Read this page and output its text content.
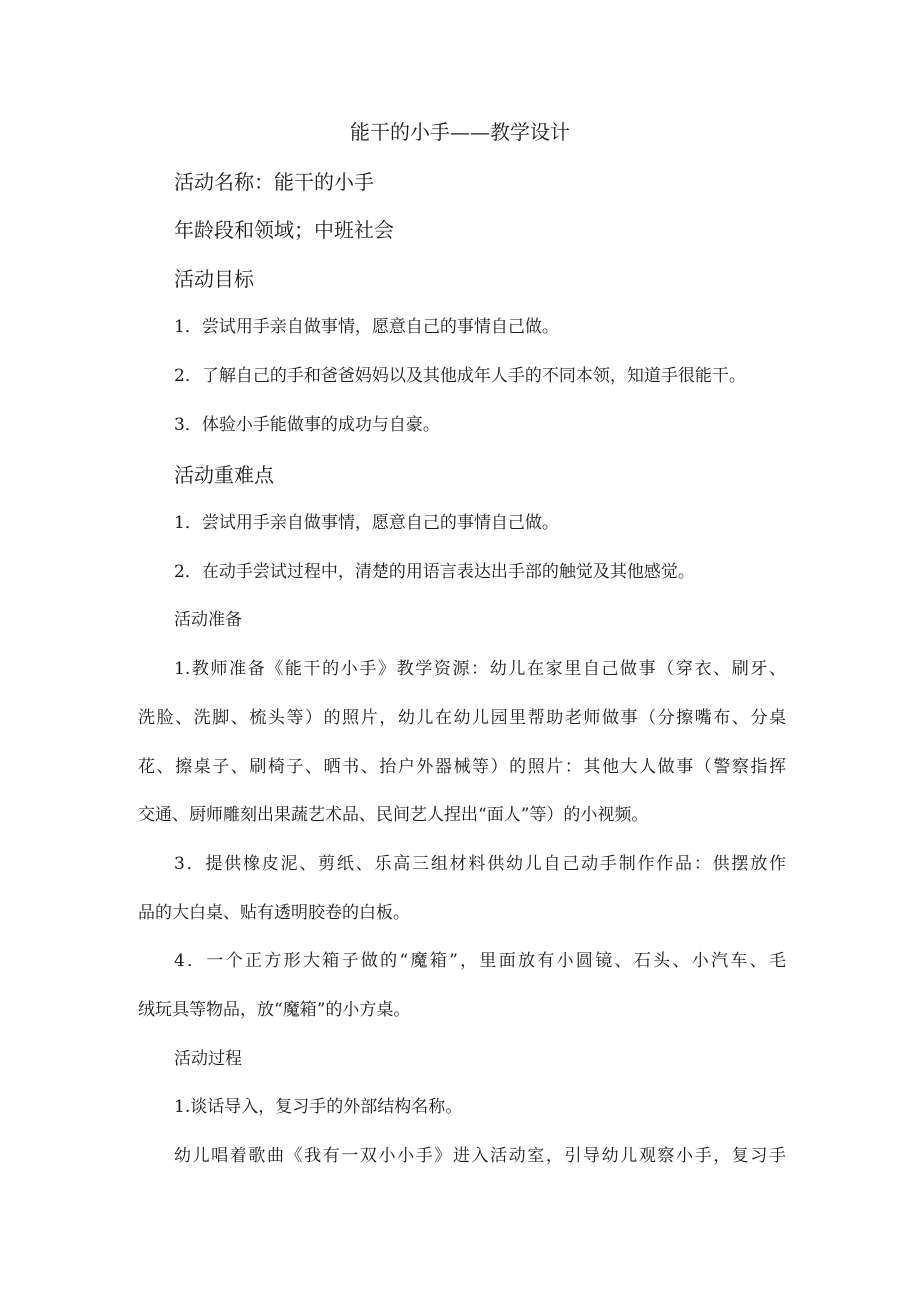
能干的小手——教学设计
活动名称：能干的小手
年龄段和领域；中班社会
活动目标
1．尝试用手亲自做事情，愿意自己的事情自己做。
2．了解自己的手和爸爸妈妈以及其他成年人手的不同本领，知道手很能干。
3．体验小手能做事的成功与自豪。
活动重难点
1．尝试用手亲自做事情，愿意自己的事情自己做。
2．在动手尝试过程中，清楚的用语言表达出手部的触觉及其他感觉。
活动准备
1.教师准备《能干的小手》教学资源：幼儿在家里自己做事（穿衣、刷牙、
洗脸、洗脚、梳头等）的照片，幼儿在幼儿园里帮助老师做事（分擦嘴布、分桌
花、擦桌子、刷椅子、晒书、抬户外器械等）的照片：其他大人做事（警察指挥
交通、厨师雕刻出果蔬艺术品、民间艺人捏出“面人”等）的小视频。
3．提供橡皮泥、剪纸、乐高三组材料供幼儿自己动手制作作品：供摆放作
品的大白桌、贴有透明胶卷的白板。
4．一个正方形大箱子做的“魔箱”，里面放有小圆镜、石头、小汽车、毛
绒玩具等物品，放“魔箱”的小方桌。
活动过程
1.谈话导入，复习手的外部结构名称。
幼儿唱着歌曲《我有一双小小手》进入活动室，引导幼儿观察小手，复习手
